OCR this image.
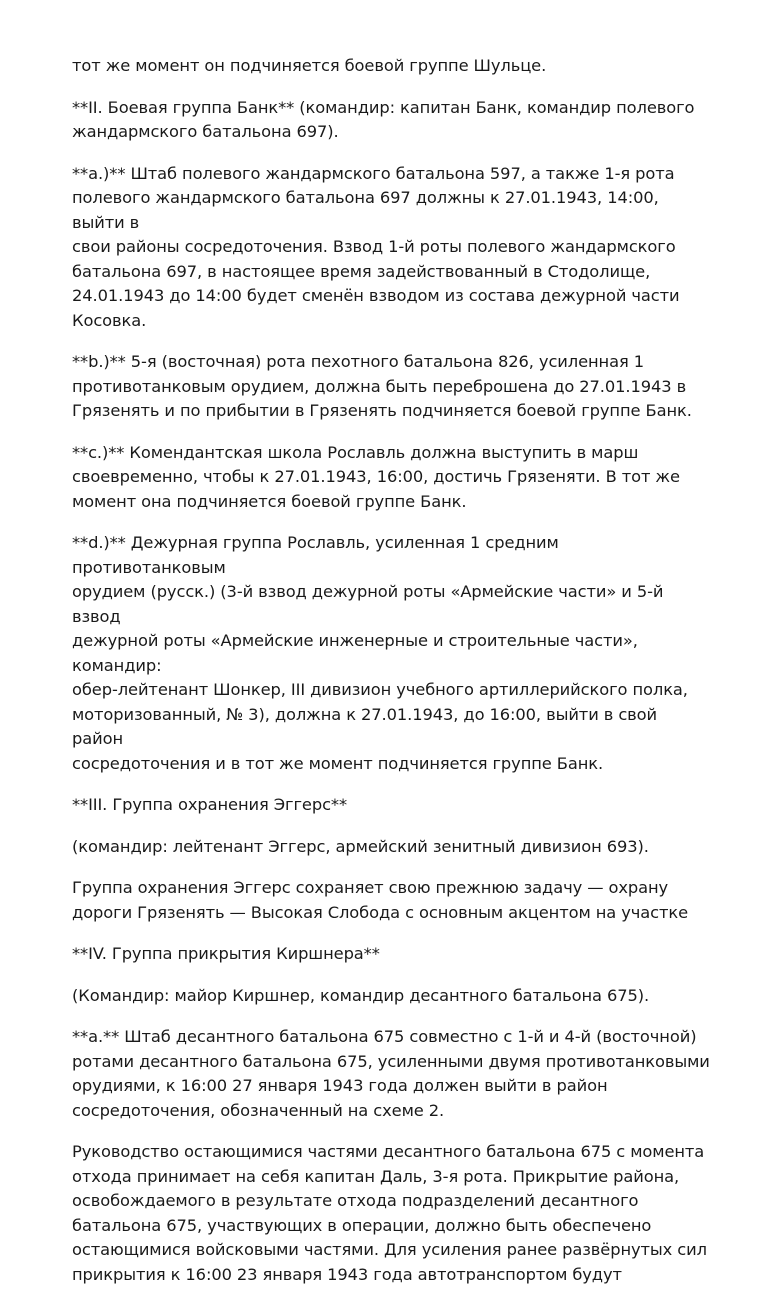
тот же момент он подчиняется боевой группе Шульце.

**II. Боевая группа Банк** (командир: капитан Банк, командир полевого
жандармского батальона 697).

**a.)** Штаб полевого жандармского батальона 597, а также 1-я рота
полевого жандармского батальона 697 должны к 27.01.1943, 14:00, выйти в
свои районы сосредоточения. Взвод 1-й роты полевого жандармского
батальона 697, в настоящее время задействованный в Стодолище,
24.01.1943 до 14:00 будет сменён взводом из состава дежурной части
Косовка.

**b.)** 5-я (восточная) рота пехотного батальона 826, усиленная 1
противотанковым орудием, должна быть переброшена до 27.01.1943 в
Грязенять и по прибытии в Грязенять подчиняется боевой группе Банк.

**c.)** Комендантская школа Рославль должна выступить в марш
своевременно, чтобы к 27.01.1943, 16:00, достичь Грязеняти. В тот же
момент она подчиняется боевой группе Банк.

**d.)** Дежурная группа Рославль, усиленная 1 средним противотанковым
орудием (русск.) (3-й взвод дежурной роты «Армейские части» и 5-й взвод
дежурной роты «Армейские инженерные и строительные части», командир:
обер-лейтенант Шонкер, III дивизион учебного артиллерийского полка,
моторизованный, № 3), должна к 27.01.1943, до 16:00, выйти в свой район
сосредоточения и в тот же момент подчиняется группе Банк.

**III. Группа охранения Эггерс**

(командир: лейтенант Эггерс, армейский зенитный дивизион 693).

Группа охранения Эггерс сохраняет свою прежнюю задачу — охрану
дороги Грязенять — Высокая Слобода с основным акцентом на участке

**IV. Группа прикрытия Киршнера**

(Командир: майор Киршнер, командир десантного батальона 675).

**a.** Штаб десантного батальона 675 совместно с 1-й и 4-й (восточной)
ротами десантного батальона 675, усиленными двумя противотанковыми
орудиями, к 16:00 27 января 1943 года должен выйти в район
сосредоточения, обозначенный на схеме 2.

Руководство остающимися частями десантного батальона 675 с момента
отхода принимает на себя капитан Даль, 3-я рота. Прикрытие района,
освобождаемого в результате отхода подразделений десантного
батальона 675, участвующих в операции, должно быть обеспечено
остающимися войсковыми частями. Для усиления ранее развёрнутых сил
прикрытия к 16:00 23 января 1943 года автотранспортом будут
